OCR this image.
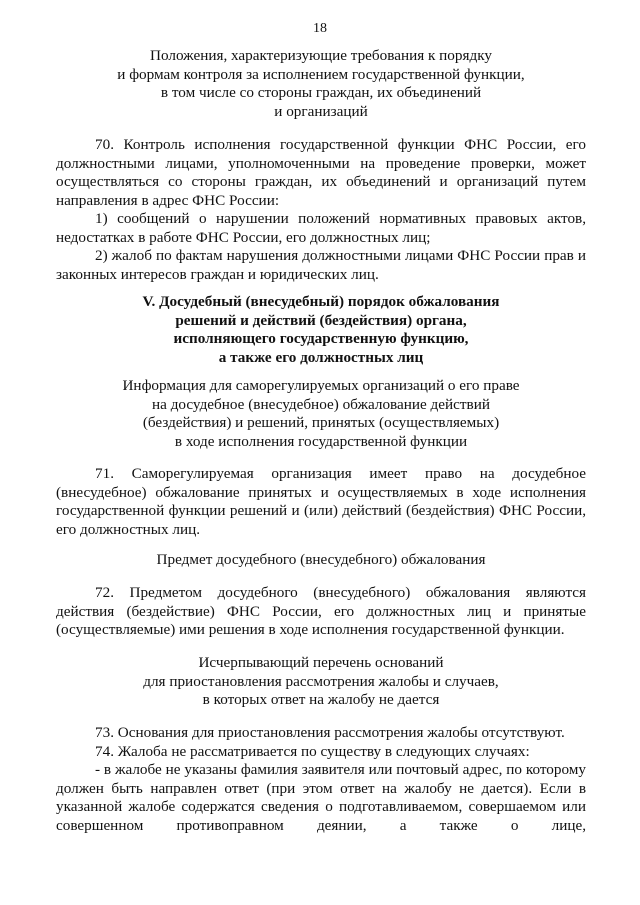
18
Положения, характеризующие требования к порядку
и формам контроля за исполнением государственной функции,
в том числе со стороны граждан, их объединений
и организаций

70. Контроль исполнения государственной функции ФНС России, его должностными лицами, уполномоченными на проведение проверки, может осуществляться со стороны граждан, их объединений и организаций путем направления в адрес ФНС России:

1) сообщений о нарушении положений нормативных правовых актов, недостатках в работе ФНС России, его должностных лиц;

2) жалоб по фактам нарушения должностными лицами ФНС России прав и законных интересов граждан и юридических лиц.

V. Досудебный (внесудебный) порядок обжалования
решений и действий (бездействия) органа,
исполняющего государственную функцию,
а также его должностных лиц
Информация для саморегулируемых организаций о его праве
на досудебное (внесудебное) обжалование действий
(бездействия) и решений, принятых (осуществляемых)
в ходе исполнения государственной функции

71. Саморегулируемая организация имеет право на досудебное (внесудебное) обжалование принятых и осуществляемых в ходе исполнения государственной функции решений и (или) действий (бездействия) ФНС России, его должностных лиц.

Предмет досудебного (внесудебного) обжалования

72. Предметом досудебного (внесудебного) обжалования являются действия (бездействие) ФНС России, его должностных лиц и принятые (осуществляемые) ими решения в ходе исполнения государственной функции.

Исчерпывающий перечень оснований
для приостановления рассмотрения жалобы и случаев,
в которых ответ на жалобу не дается

73. Основания для приостановления рассмотрения жалобы отсутствуют.

74. Жалоба не рассматривается по существу в следующих случаях:

- в жалобе не указаны фамилия заявителя или почтовый адрес, по которому должен быть направлен ответ (при этом ответ на жалобу не дается). Если в указанной жалобе содержатся сведения о подготавливаемом, совершаемом или совершенном противоправном деянии, а также о лице,
